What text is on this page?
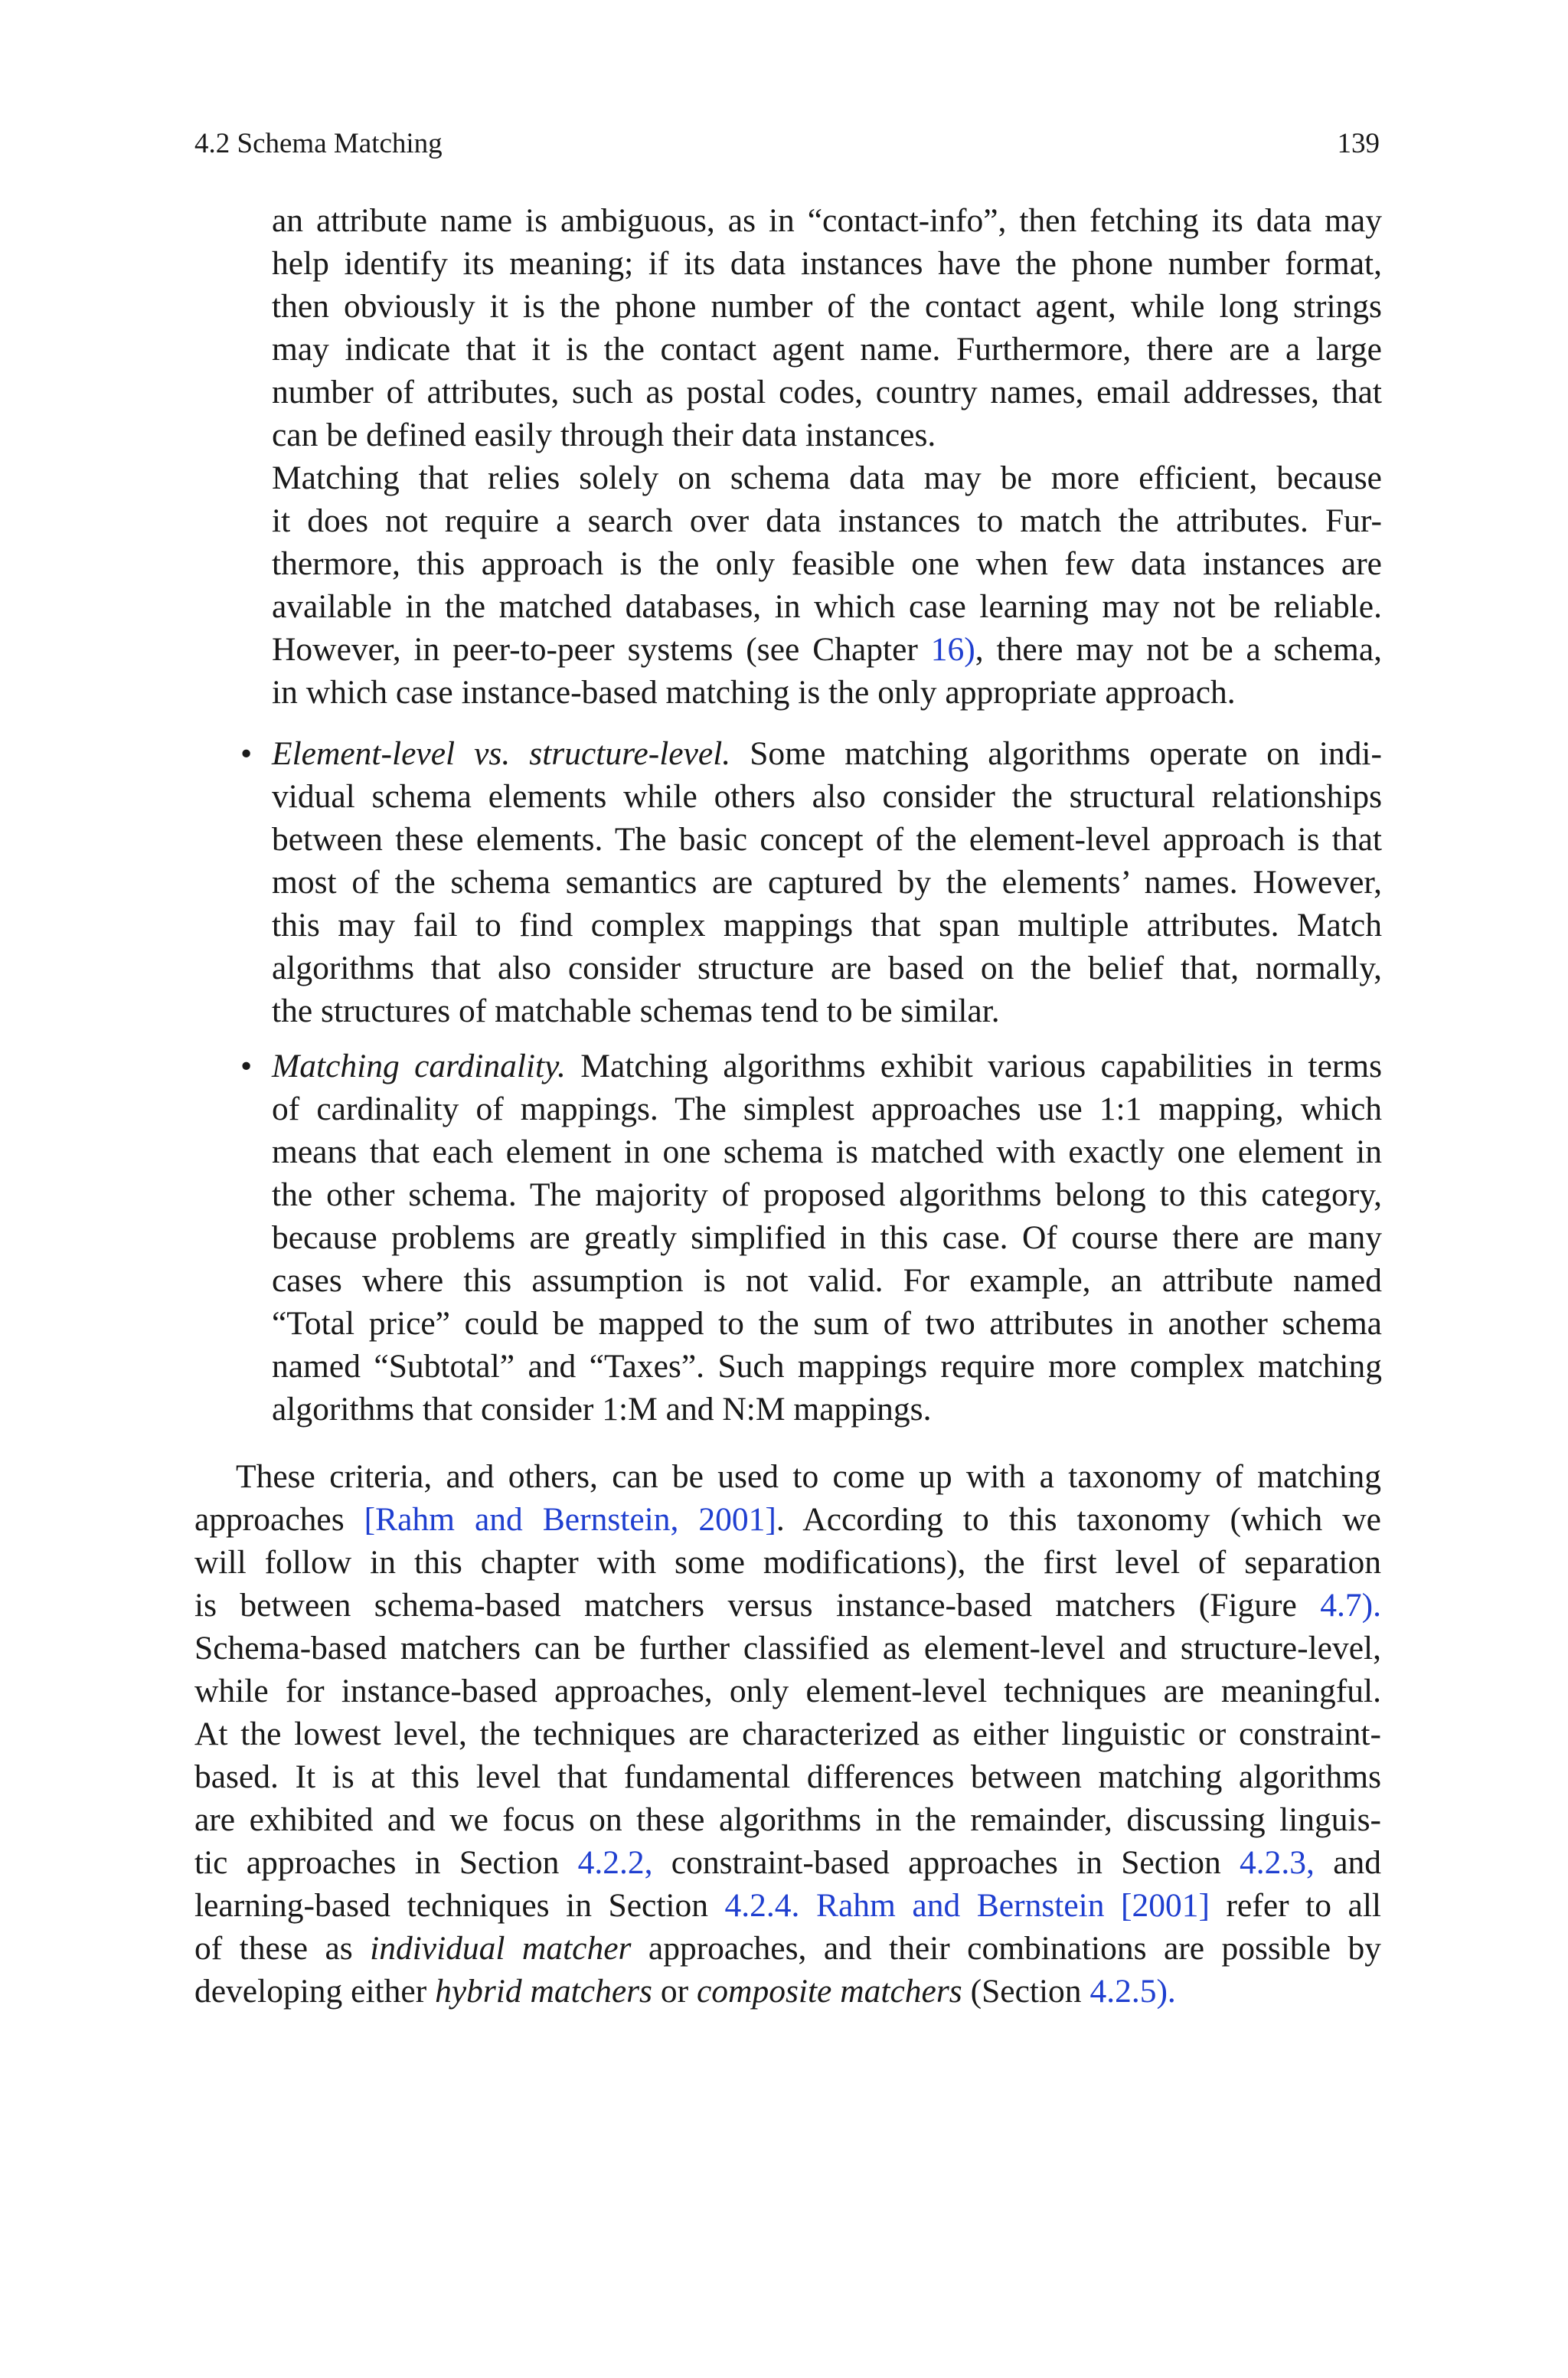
4.2 Schema Matching	139
an attribute name is ambiguous, as in “contact-info”, then fetching its data may
help identify its meaning; if its data instances have the phone number format,
then obviously it is the phone number of the contact agent, while long strings
may indicate that it is the contact agent name. Furthermore, there are a large
number of attributes, such as postal codes, country names, email addresses, that
can be defined easily through their data instances.
Matching that relies solely on schema data may be more efficient, because
it does not require a search over data instances to match the attributes. Fur-
thermore, this approach is the only feasible one when few data instances are
available in the matched databases, in which case learning may not be reliable.
However, in peer-to-peer systems (see Chapter 16), there may not be a schema,
in which case instance-based matching is the only appropriate approach.
• Element-level vs. structure-level. Some matching algorithms operate on indi-
vidual schema elements while others also consider the structural relationships
between these elements. The basic concept of the element-level approach is that
most of the schema semantics are captured by the elements’ names. However,
this may fail to find complex mappings that span multiple attributes. Match
algorithms that also consider structure are based on the belief that, normally,
the structures of matchable schemas tend to be similar.
• Matching cardinality. Matching algorithms exhibit various capabilities in terms
of cardinality of mappings. The simplest approaches use 1:1 mapping, which
means that each element in one schema is matched with exactly one element in
the other schema. The majority of proposed algorithms belong to this category,
because problems are greatly simplified in this case. Of course there are many
cases where this assumption is not valid. For example, an attribute named
“Total price” could be mapped to the sum of two attributes in another schema
named “Subtotal” and “Taxes”. Such mappings require more complex matching
algorithms that consider 1:M and N:M mappings.
These criteria, and others, can be used to come up with a taxonomy of matching
approaches [Rahm and Bernstein, 2001]. According to this taxonomy (which we
will follow in this chapter with some modifications), the first level of separation
is between schema-based matchers versus instance-based matchers (Figure 4.7).
Schema-based matchers can be further classified as element-level and structure-level,
while for instance-based approaches, only element-level techniques are meaningful.
At the lowest level, the techniques are characterized as either linguistic or constraint-
based. It is at this level that fundamental differences between matching algorithms
are exhibited and we focus on these algorithms in the remainder, discussing linguis-
tic approaches in Section 4.2.2, constraint-based approaches in Section 4.2.3, and
learning-based techniques in Section 4.2.4. Rahm and Bernstein [2001] refer to all
of these as individual matcher approaches, and their combinations are possible by
developing either hybrid matchers or composite matchers (Section 4.2.5).
